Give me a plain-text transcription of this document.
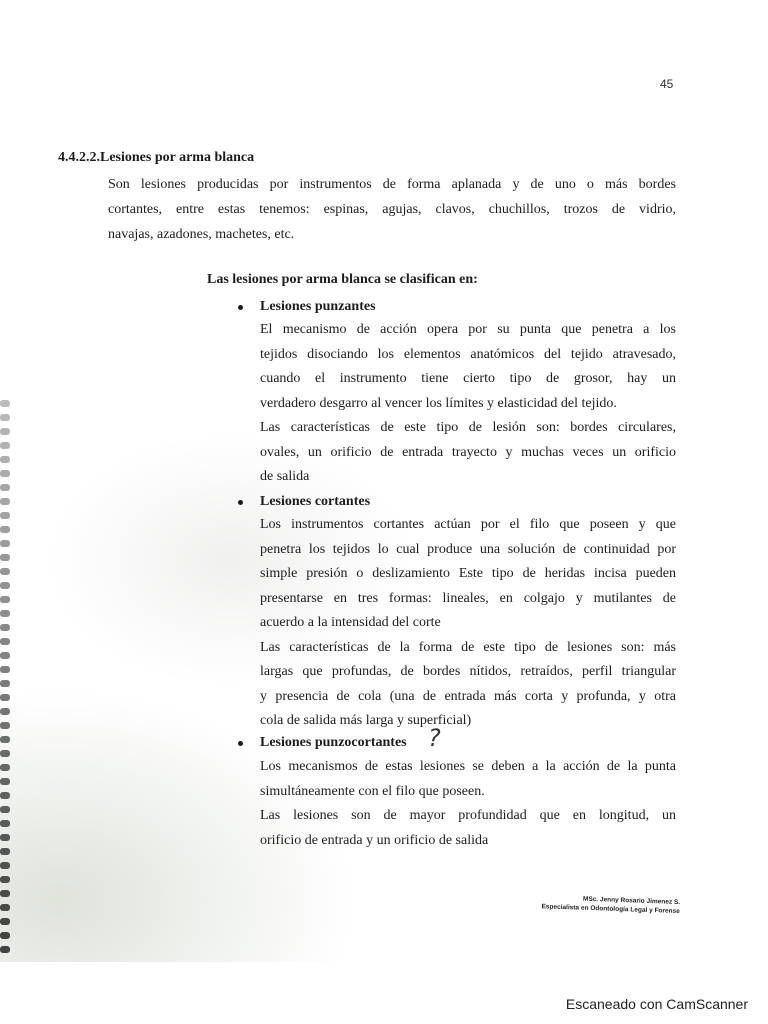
45
4.4.2.2.Lesiones por arma blanca

Son lesiones producidas por instrumentos de forma aplanada y de uno o más bordes
cortantes, entre estas tenemos: espinas, agujas, clavos, chuchillos, trozos de vidrio,
navajas, azadones, machetes, etc.

Las lesiones por arma blanca se clasifican en:
Lesiones punzantes

El mecanismo de acción opera por su punta que penetra a los
tejidos disociando los elementos anatómicos del tejido atravesado,
cuando el instrumento tiene cierto tipo de grosor, hay un
verdadero desgarro al vencer los límites y elasticidad del tejido.
Las características de este tipo de lesión son: bordes circulares,
ovales, un orificio de entrada trayecto y muchas veces un orificio
de salida

Lesiones cortantes

Los instrumentos cortantes actúan por el filo que poseen y que
penetra los tejidos lo cual produce una solución de continuidad por
simple presión o deslizamiento Este tipo de heridas incisa pueden
presentarse en tres formas: lineales, en colgajo y mutilantes de
acuerdo a la intensidad del corte
Las características de la forma de este tipo de lesiones son: más
largas que profundas, de bordes nítidos, retraídos, perfil triangular
y presencia de cola (una de entrada más corta y profunda, y otra
cola de salida más larga y superficial)

Lesiones punzocortantes ?

Los mecanismos de estas lesiones se deben a la acción de la punta
simultáneamente con el filo que poseen.
Las lesiones son de mayor profundidad que en longitud, un
orificio de entrada y un orificio de salida

MSc. Jenny Rosario Jimenez S.
Especialista en Odontología Legal y Forense
Escaneado con CamScanner
